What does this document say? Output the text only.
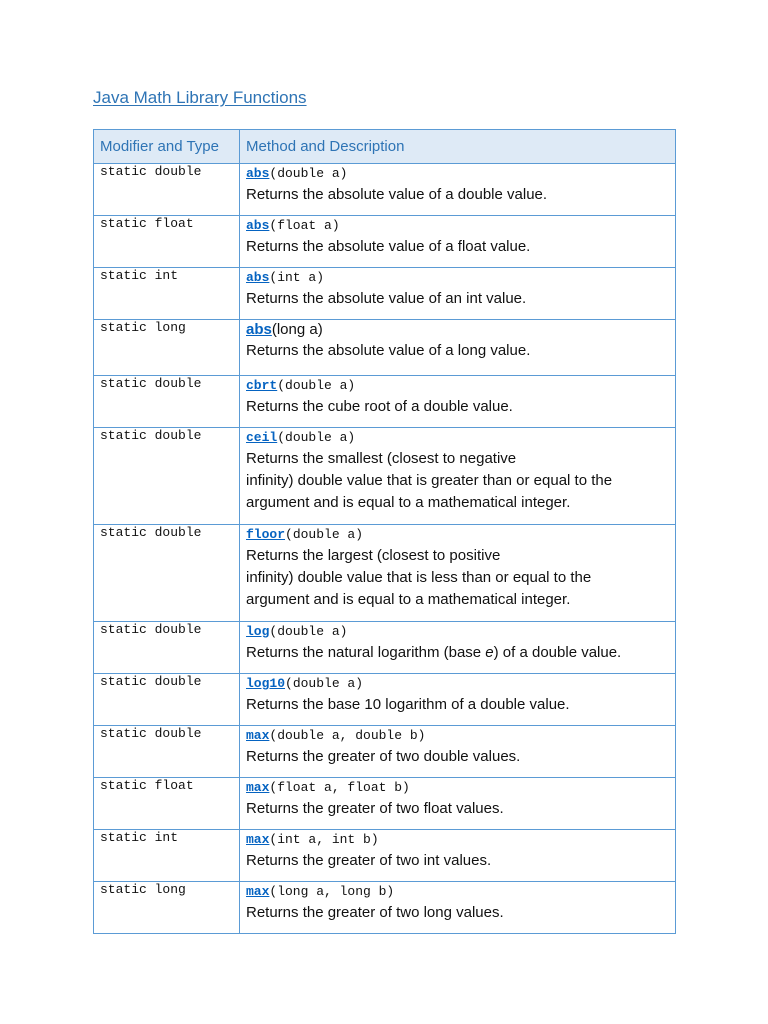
Java Math Library Functions
Modifier and Type	Method and Description
static double	abs(double a)
Returns the absolute value of a double value.

static float	abs(float a)
Returns the absolute value of a float value.

static int	abs(int a)
Returns the absolute value of an int value.

static long	abs(long a)
Returns the absolute value of a long value.

static double	cbrt(double a)
Returns the cube root of a double value.

static double	ceil(double a)
Returns the smallest (closest to negative
infinity) double value that is greater than or equal to the
argument and is equal to a mathematical integer.

static double	floor(double a)
Returns the largest (closest to positive
infinity) double value that is less than or equal to the
argument and is equal to a mathematical integer.

static double	log(double a)
Returns the natural logarithm (base e) of a double value.

static double	log10(double a)
Returns the base 10 logarithm of a double value.

static double	max(double a, double b)
Returns the greater of two double values.

static float	max(float a, float b)
Returns the greater of two float values.

static int	max(int a, int b)
Returns the greater of two int values.

static long	max(long a, long b)
Returns the greater of two long values.
